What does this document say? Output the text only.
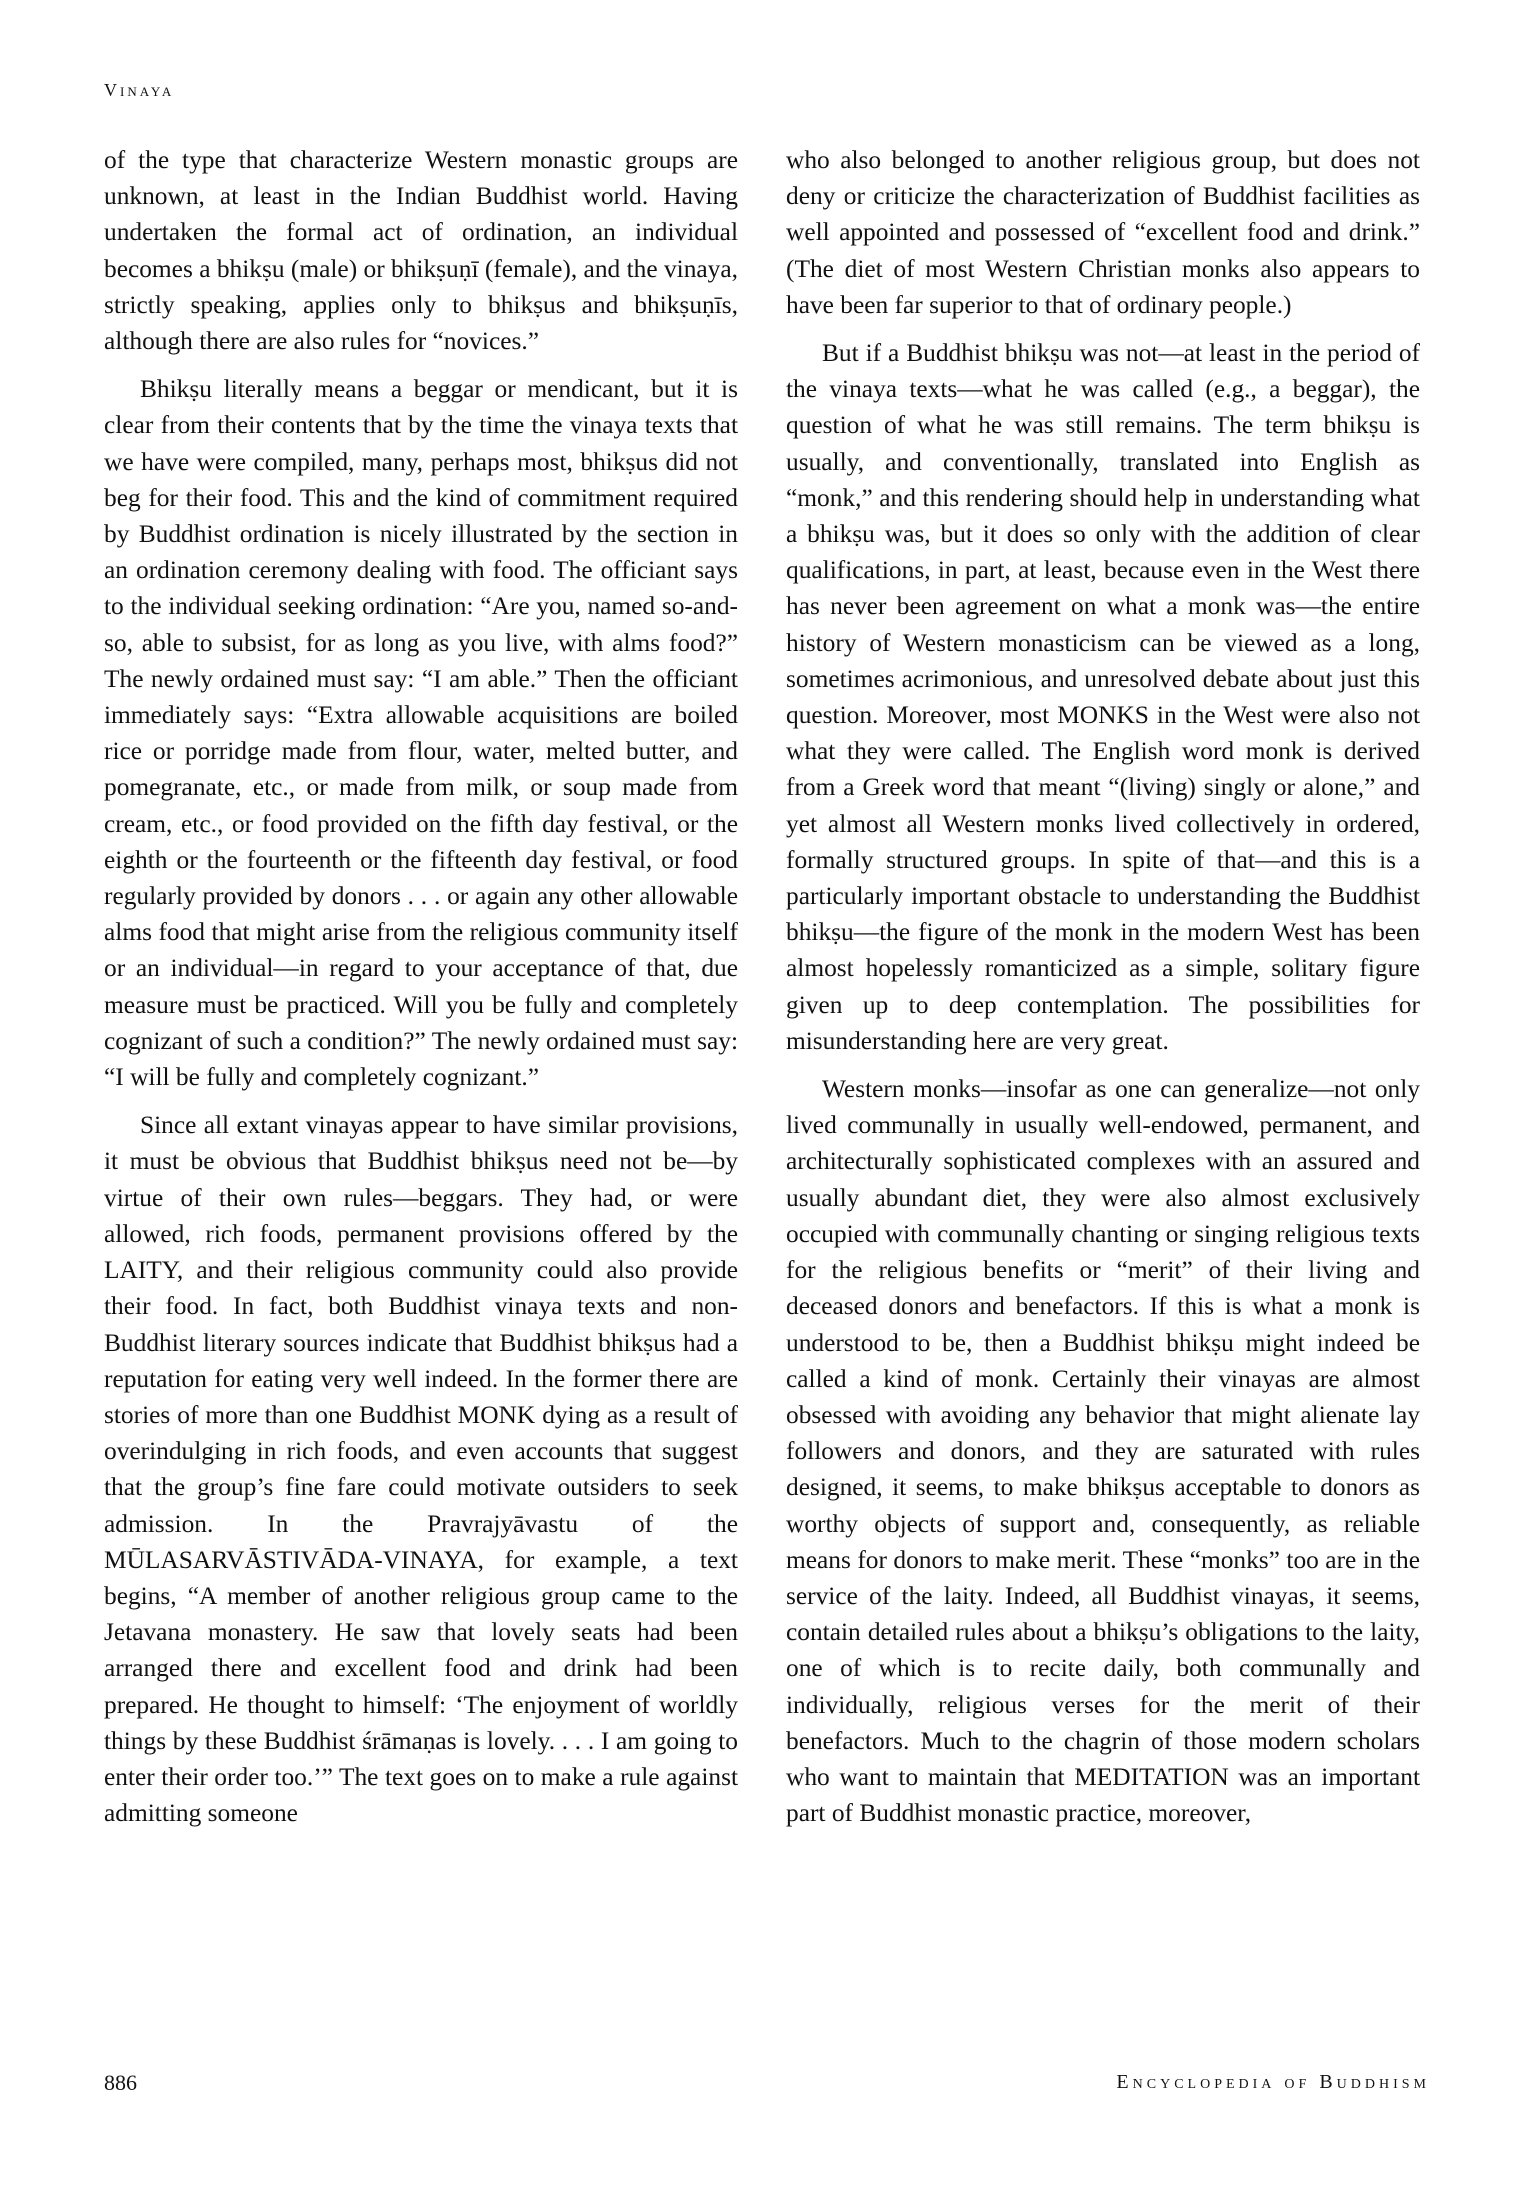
Vinaya

of the type that characterize Western monastic groups are unknown, at least in the Indian Buddhist world. Having undertaken the formal act of ordination, an individual becomes a bhikṣu (male) or bhikṣuṇī (female), and the vinaya, strictly speaking, applies only to bhikṣus and bhikṣuṇīs, although there are also rules for “novices.”

Bhikṣu literally means a beggar or mendicant, but it is clear from their contents that by the time the vinaya texts that we have were compiled, many, perhaps most, bhikṣus did not beg for their food. This and the kind of commitment required by Buddhist ordination is nicely illustrated by the section in an ordination ceremony dealing with food. The officiant says to the individual seeking ordination: “Are you, named so-and-so, able to subsist, for as long as you live, with alms food?” The newly ordained must say: “I am able.” Then the officiant immediately says: “Extra allowable acquisitions are boiled rice or porridge made from flour, water, melted butter, and pomegranate, etc., or made from milk, or soup made from cream, etc., or food provided on the fifth day festival, or the eighth or the fourteenth or the fifteenth day festival, or food regularly provided by donors . . . or again any other allowable alms food that might arise from the religious community itself or an individual—in regard to your acceptance of that, due measure must be practiced. Will you be fully and completely cognizant of such a condition?” The newly ordained must say: “I will be fully and completely cognizant.”

Since all extant vinayas appear to have similar provisions, it must be obvious that Buddhist bhikṣus need not be—by virtue of their own rules—beggars. They had, or were allowed, rich foods, permanent provisions offered by the LAITY, and their religious community could also provide their food. In fact, both Buddhist vinaya texts and non-Buddhist literary sources indicate that Buddhist bhikṣus had a reputation for eating very well indeed. In the former there are stories of more than one Buddhist MONK dying as a result of overindulging in rich foods, and even accounts that suggest that the group’s fine fare could motivate outsiders to seek admission. In the Pravrajyāvastu of the MŪLASARVĀSTIVĀDA-VINAYA, for example, a text begins, “A member of another religious group came to the Jetavana monastery. He saw that lovely seats had been arranged there and excellent food and drink had been prepared. He thought to himself: ‘The enjoyment of worldly things by these Buddhist śrāmaṇas is lovely. . . . I am going to enter their order too.’” The text goes on to make a rule against admitting someone

who also belonged to another religious group, but does not deny or criticize the characterization of Buddhist facilities as well appointed and possessed of “excellent food and drink.” (The diet of most Western Christian monks also appears to have been far superior to that of ordinary people.)

But if a Buddhist bhikṣu was not—at least in the period of the vinaya texts—what he was called (e.g., a beggar), the question of what he was still remains. The term bhikṣu is usually, and conventionally, translated into English as “monk,” and this rendering should help in understanding what a bhikṣu was, but it does so only with the addition of clear qualifications, in part, at least, because even in the West there has never been agreement on what a monk was—the entire history of Western monasticism can be viewed as a long, sometimes acrimonious, and unresolved debate about just this question. Moreover, most MONKS in the West were also not what they were called. The English word monk is derived from a Greek word that meant “(living) singly or alone,” and yet almost all Western monks lived collectively in ordered, formally structured groups. In spite of that—and this is a particularly important obstacle to understanding the Buddhist bhikṣu—the figure of the monk in the modern West has been almost hopelessly romanticized as a simple, solitary figure given up to deep contemplation. The possibilities for misunderstanding here are very great.

Western monks—insofar as one can generalize—not only lived communally in usually well-endowed, permanent, and architecturally sophisticated complexes with an assured and usually abundant diet, they were also almost exclusively occupied with communally chanting or singing religious texts for the religious benefits or “merit” of their living and deceased donors and benefactors. If this is what a monk is understood to be, then a Buddhist bhikṣu might indeed be called a kind of monk. Certainly their vinayas are almost obsessed with avoiding any behavior that might alienate lay followers and donors, and they are saturated with rules designed, it seems, to make bhikṣus acceptable to donors as worthy objects of support and, consequently, as reliable means for donors to make merit. These “monks” too are in the service of the laity. Indeed, all Buddhist vinayas, it seems, contain detailed rules about a bhikṣu’s obligations to the laity, one of which is to recite daily, both communally and individually, religious verses for the merit of their benefactors. Much to the chagrin of those modern scholars who want to maintain that MEDITATION was an important part of Buddhist monastic practice, moreover,

886	Encyclopedia of Buddhism
